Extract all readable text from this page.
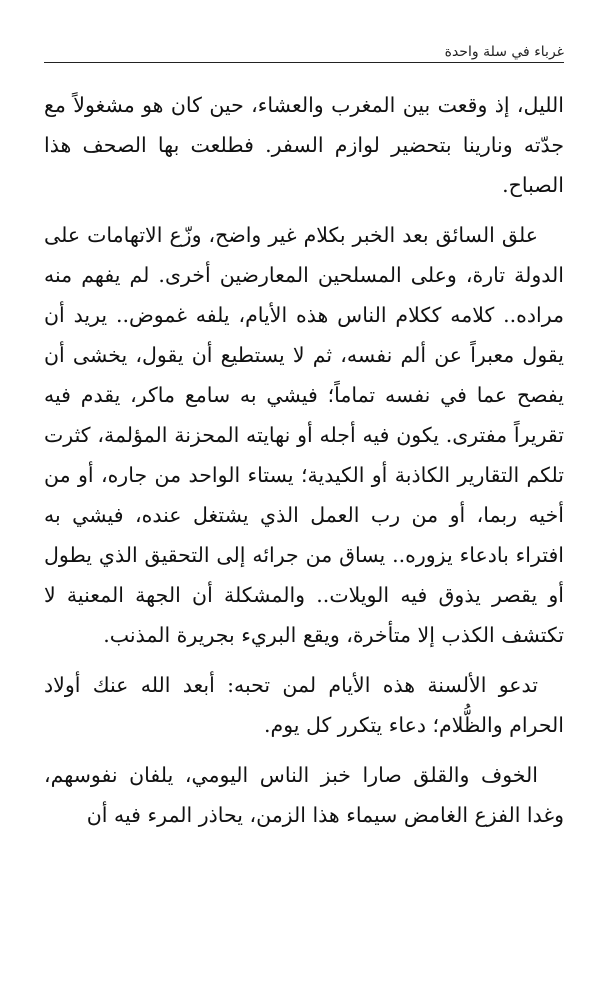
غرباء في سلة واحدة

الليل، إذ وقعت بين المغرب والعشاء، حين كان هو مشغولاً مع جدّته ونارينا بتحضير لوازم السفر. فطلعت بها الصحف هذا الصباح.

علق السائق بعد الخبر بكلام غير واضح، وزّع الاتهامات على الدولة تارة، وعلى المسلحين المعارضين أخرى. لم يفهم منه مراده.. كلامه ككلام الناس هذه الأيام، يلفه غموض.. يريد أن يقول معبراً عن ألم نفسه، ثم لا يستطيع أن يقول، يخشى أن يفصح عما في نفسه تماماً؛ فيشي به سامع ماكر، يقدم فيه تقريراً مفترى. يكون فيه أجله أو نهايته المحزنة المؤلمة، كثرت تلكم التقارير الكاذبة أو الكيدية؛ يستاء الواحد من جاره، أو من أخيه ربما، أو من رب العمل الذي يشتغل عنده، فيشي به افتراء بادعاء يزوره.. يساق من جرائه إلى التحقيق الذي يطول أو يقصر يذوق فيه الويلات.. والمشكلة أن الجهة المعنية لا تكتشف الكذب إلا متأخرة، ويقع البريء بجريرة المذنب.

تدعو الألسنة هذه الأيام لمن تحبه: أبعد الله عنك أولاد الحرام والظُّلام؛ دعاء يتكرر كل يوم.

الخوف والقلق صارا خبز الناس اليومي، يلفان نفوسهم، وغدا الفزع الغامض سيماء هذا الزمن، يحاذر المرء فيه أن
